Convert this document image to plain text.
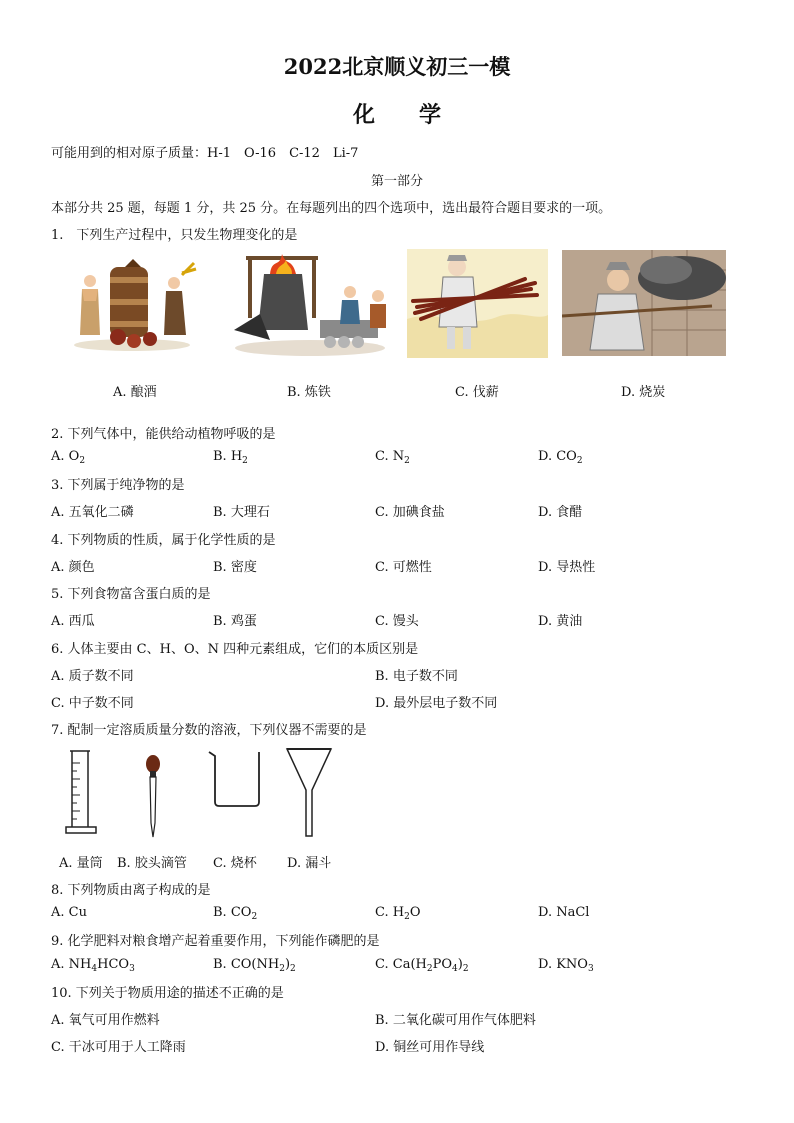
2022北京顺义初三一模
化　　学
可能用到的相对原子质量：H-1　O-16　C-12　Li-7
第一部分
本部分共 25 题，每题 1 分，共 25 分。在每题列出的四个选项中，选出最符合题目要求的一项。
1.　下列生产过程中，只发生物理变化的是
A. 酿酒	B. 炼铁	C. 伐薪	D. 烧炭
2. 下列气体中，能供给动植物呼吸的是
A. $O_2$	B. $H_2$	C. $N_2$	D. $CO_2$
3. 下列属于纯净物的是
A. 五氧化二磷	B. 大理石	C. 加碘食盐	D. 食醋
4. 下列物质的性质，属于化学性质的是
A. 颜色	B. 密度	C. 可燃性	D. 导热性
5. 下列食物富含蛋白质的是
A. 西瓜	B. 鸡蛋	C. 馒头	D. 黄油
6. 人体主要由 C、H、O、N 四种元素组成，它们的本质区别是
A. 质子数不同	B. 电子数不同
C. 中子数不同	D. 最外层电子数不同
7. 配制一定溶质质量分数的溶液，下列仪器不需要的是
A. 量筒 B. 胶头滴管 C. 烧杯 D. 漏斗
8. 下列物质由离子构成的是
A. Cu	B. $CO_2$	C. $H_2O$	D. NaCl
9. 化学肥料对粮食增产起着重要作用，下列能作磷肥的是
A. $NH_4HCO_3$	B. $CO(NH_2)_2$	C. $Ca(H_2PO_4)_2$	D. $KNO_3$
10. 下列关于物质用途的描述不正确的是
A. 氧气可用作燃料	B. 二氧化碳可用作气体肥料
C. 干冰可用于人工降雨	D. 铜丝可用作导线
